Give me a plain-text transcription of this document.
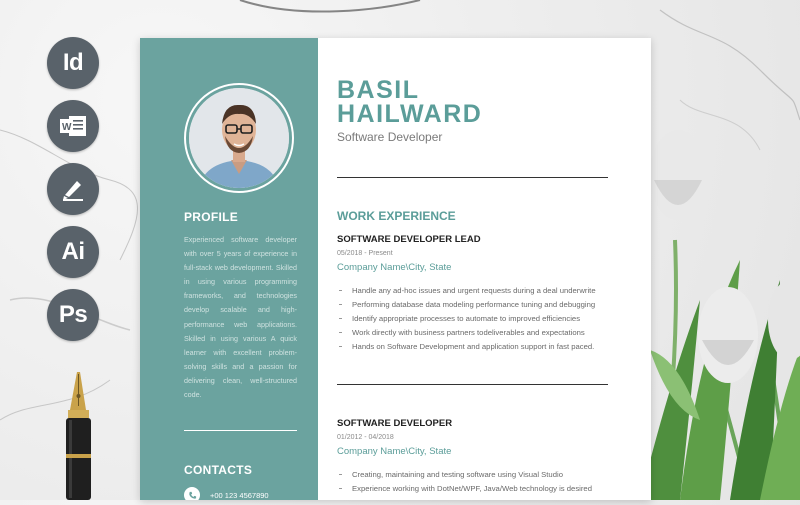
Id
W
Ai
Ps
PROFILE
Experienced software developer with over 5 years of experience in full-stack web development. Skilled in using various programming frameworks, and technologies develop scalable and high-performance web applications. Skilled in using various A quick learner with excellent problem-solving skills and a passion for delivering clean, well-structured code.
CONTACTS
+00 123 4567890
BASIL
HAILWARD
Software Developer
WORK EXPERIENCE
SOFTWARE DEVELOPER LEAD
05/2018 - Present
Company Name\City, State
Handle any ad-hoc issues and urgent requests during a deal underwrite
Performing database data modeling performance tuning and debugging
Identify appropriate processes to automate to improved efficiencies
Work directly with business partners todeliverables and expectations
Hands on Software Development and application support in fast paced.
SOFTWARE DEVELOPER
01/2012 - 04/2018
Company Name\City, State
Creating, maintaining and testing software using Visual Studio
Experience working with DotNet/WPF, Java/Web technology is desired
